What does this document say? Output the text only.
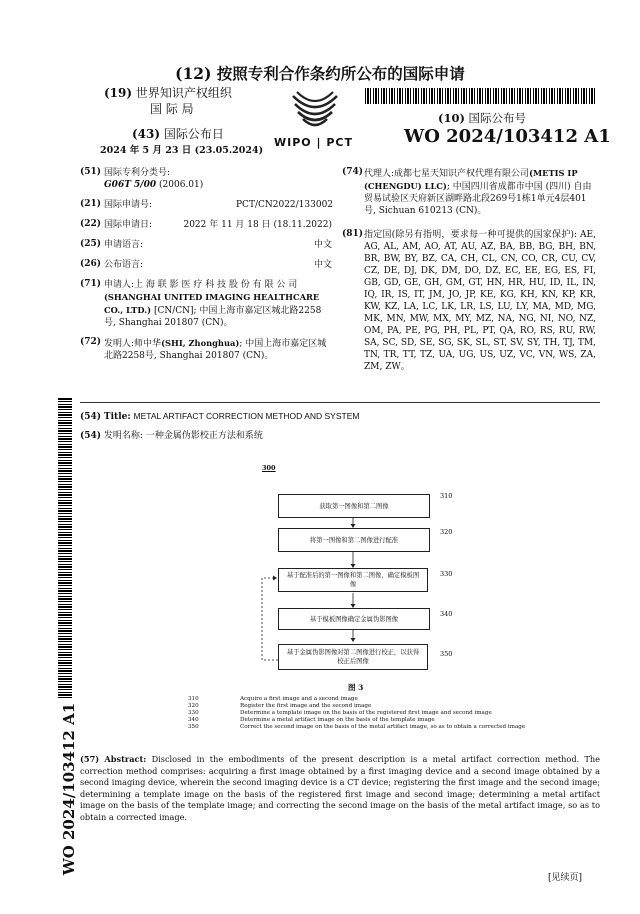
(12) 按照专利合作条约所公布的国际申请
(19) 世界知识产权组织
国 际 局
(43) 国际公布日
2024 年 5 月 23 日 (23.05.2024)
WIPO | PCT
(10) 国际公布号
WO 2024/103412 A1
(51) 国际专利分类号:
G06T 5/00 (2006.01)
(21) 国际申请号:	PCT/CN2022/133002
(22) 国际申请日:	2022 年 11 月 18 日 (18.11.2022)
(25) 申请语言:	中文
(26) 公布语言:	中文
(71) 申请人:上 海 联 影 医 疗 科 技 股 份 有 限 公 司(SHANGHAI UNITED IMAGING HEALTHCARE CO., LTD.) [CN/CN]; 中国上海市嘉定区城北路2258号, Shanghai 201807 (CN)。
(72) 发明人:师中华(SHI, Zhonghua); 中国上海市嘉定区城北路2258号, Shanghai 201807 (CN)。
(74) 代理人:成都七星天知识产权代理有限公司(METIS IP (CHENGDU) LLC); 中国四川省成都市中国 (四川) 自由贸易试验区天府新区湖畔路北段269号1栋1单元4层401号, Sichuan 610213 (CN)。
(81) 指定国(除另有指明，要求每一种可提供的国家保护): AE, AG, AL, AM, AO, AT, AU, AZ, BA, BB, BG, BH, BN, BR, BW, BY, BZ, CA, CH, CL, CN, CO, CR, CU, CV, CZ, DE, DJ, DK, DM, DO, DZ, EC, EE, EG, ES, FI, GB, GD, GE, GH, GM, GT, HN, HR, HU, ID, IL, IN, IQ, IR, IS, IT, JM, JO, JP, KE, KG, KH, KN, KP, KR, KW, KZ, LA, LC, LK, LR, LS, LU, LY, MA, MD, MG, MK, MN, MW, MX, MY, MZ, NA, NG, NI, NO, NZ, OM, PA, PE, PG, PH, PL, PT, QA, RO, RS, RU, RW, SA, SC, SD, SE, SG, SK, SL, ST, SV, SY, TH, TJ, TM, TN, TR, TT, TZ, UA, UG, US, UZ, VC, VN, WS, ZA, ZM, ZW。
WO 2024/103412 A1
(54) Title: METAL ARTIFACT CORRECTION METHOD AND SYSTEM
(54) 发明名称: 一种金属伪影校正方法和系统
300
获取第一图像和第二图像
将第一图像和第二图像进行配准
基于配准后的第一图像和第二图像，确定模板图像
基于模板图像确定金属伪影图像
基于金属伪影图像对第二图像进行校正，以获得校正后图像
310
320
330
340
350
图 3
310	Acquire a first image and a second image
320	Register the first image and the second image
330	Determine a template image on the basis of the registered first image and second image
340	Determine a metal artifact image on the basis of the template image
350	Correct the second image on the basis of the metal artifact image, so as to obtain a corrected image
(57) Abstract: Disclosed in the embodiments of the present description is a metal artifact correction method. The correction method comprises: acquiring a first image obtained by a first imaging device and a second image obtained by a second imaging device, wherein the second imaging device is a CT device; registering the first image and the second image; determining a template image on the basis of the registered first image and second image; determining a metal artifact image on the basis of the template image; and correcting the second image on the basis of the metal artifact image, so as to obtain a corrected image.
[见续页]
